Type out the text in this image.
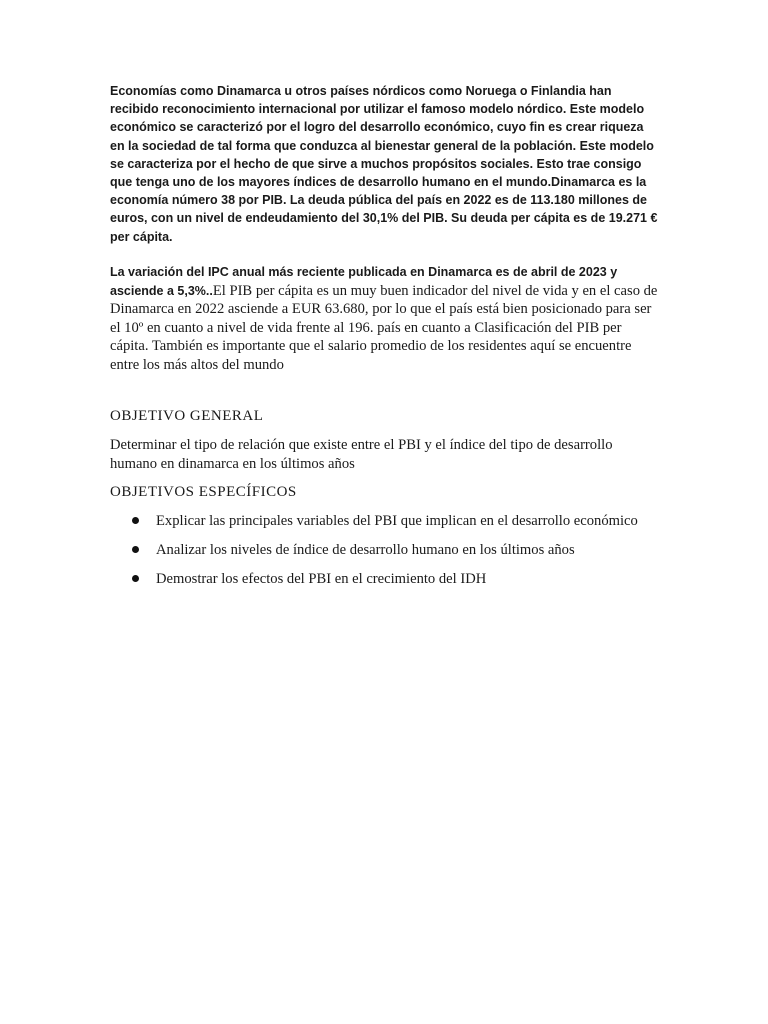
Economías como Dinamarca u otros países nórdicos como Noruega o Finlandia han recibido reconocimiento internacional por utilizar el famoso modelo nórdico. Este modelo económico se caracterizó por el logro del desarrollo económico, cuyo fin es crear riqueza en la sociedad de tal forma que conduzca al bienestar general de la población. Este modelo se caracteriza por el hecho de que sirve a muchos propósitos sociales. Esto trae consigo que tenga uno de los mayores índices de desarrollo humano en el mundo.Dinamarca es la economía número 38 por PIB. La deuda pública del país en 2022 es de 113.180 millones de euros, con un nivel de endeudamiento del 30,1% del PIB. Su deuda per cápita es de 19.271 € per cápita.

La variación del IPC anual más reciente publicada en Dinamarca es de abril de 2023 y asciende a 5,3%..El PIB per cápita es un muy buen indicador del nivel de vida y en el caso de Dinamarca en 2022 asciende a EUR 63.680, por lo que el país está bien posicionado para ser el 10º en cuanto a nivel de vida frente al 196. país en cuanto a Clasificación del PIB per cápita. También es importante que el salario promedio de los residentes aquí se encuentre entre los más altos del mundo

OBJETIVO GENERAL

Determinar el tipo de relación que existe entre el PBI y el índice del tipo de desarrollo humano en dinamarca en los últimos años

OBJETIVOS ESPECÍFICOS
Explicar las principales variables del PBI que implican en el desarrollo económico
Analizar los niveles de índice de desarrollo humano en los últimos años
Demostrar los efectos del PBI en el crecimiento del IDH
